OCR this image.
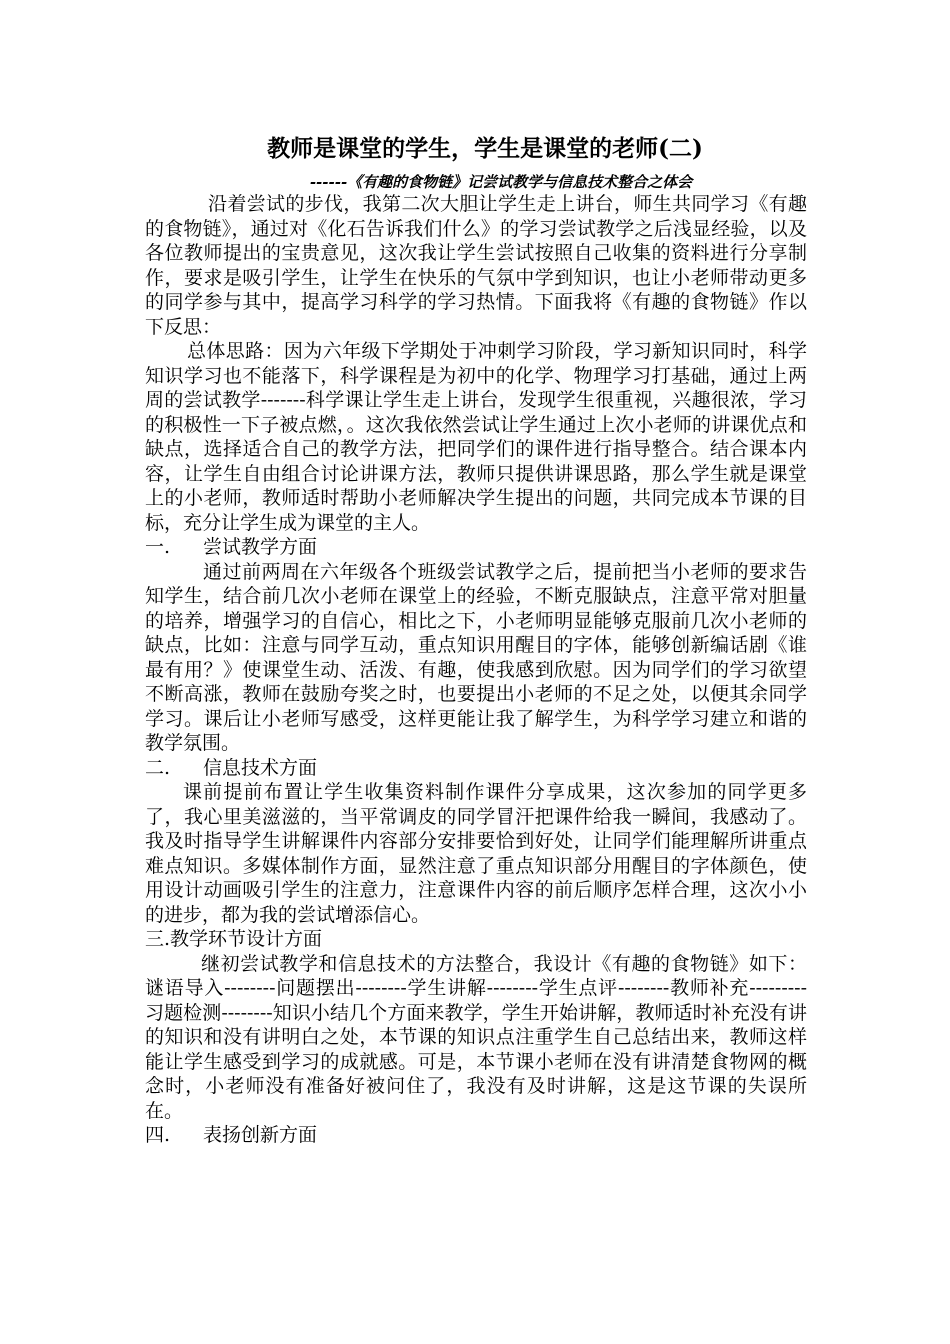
教师是课堂的学生，学生是课堂的老师(二)
------《有趣的食物链》记尝试教学与信息技术整合之体会

沿着尝试的步伐，我第二次大胆让学生走上讲台，师生共同学习《有趣的食物链》，通过对《化石告诉我们什么》的学习尝试教学之后浅显经验，以及各位教师提出的宝贵意见，这次我让学生尝试按照自己收集的资料进行分享制作，要求是吸引学生，让学生在快乐的气氛中学到知识，也让小老师带动更多的同学参与其中，提高学习科学的学习热情。下面我将《有趣的食物链》作以下反思：

总体思路：因为六年级下学期处于冲刺学习阶段，学习新知识同时，科学知识学习也不能落下，科学课程是为初中的化学、物理学习打基础，通过上两周的尝试教学-------科学课让学生走上讲台，发现学生很重视，兴趣很浓，学习的积极性一下子被点燃，。这次我依然尝试让学生通过上次小老师的讲课优点和缺点，选择适合自己的教学方法，把同学们的课件进行指导整合。结合课本内容，让学生自由组合讨论讲课方法，教师只提供讲课思路，那么学生就是课堂上的小老师，教师适时帮助小老师解决学生提出的问题，共同完成本节课的目标，充分让学生成为课堂的主人。

一. 尝试教学方面

通过前两周在六年级各个班级尝试教学之后，提前把当小老师的要求告知学生，结合前几次小老师在课堂上的经验，不断克服缺点，注意平常对胆量的培养，增强学习的自信心，相比之下，小老师明显能够克服前几次小老师的缺点，比如：注意与同学互动，重点知识用醒目的字体，能够创新编话剧《谁最有用？》使课堂生动、活泼、有趣，使我感到欣慰。因为同学们的学习欲望不断高涨，教师在鼓励夸奖之时，也要提出小老师的不足之处，以便其余同学学习。课后让小老师写感受，这样更能让我了解学生，为科学学习建立和谐的教学氛围。

二. 信息技术方面

课前提前布置让学生收集资料制作课件分享成果，这次参加的同学更多了，我心里美滋滋的，当平常调皮的同学冒汗把课件给我一瞬间，我感动了。我及时指导学生讲解课件内容部分安排要恰到好处，让同学们能理解所讲重点难点知识。多媒体制作方面，显然注意了重点知识部分用醒目的字体颜色，使用设计动画吸引学生的注意力，注意课件内容的前后顺序怎样合理，这次小小的进步，都为我的尝试增添信心。

三.教学环节设计方面

继初尝试教学和信息技术的方法整合，我设计《有趣的食物链》如下：谜语导入--------问题摆出--------学生讲解--------学生点评--------教师补充---------习题检测--------知识小结几个方面来教学，学生开始讲解，教师适时补充没有讲的知识和没有讲明白之处，本节课的知识点注重学生自己总结出来，教师这样能让学生感受到学习的成就感。可是，本节课小老师在没有讲清楚食物网的概念时，小老师没有准备好被问住了，我没有及时讲解，这是这节课的失误所在。

四. 表扬创新方面
